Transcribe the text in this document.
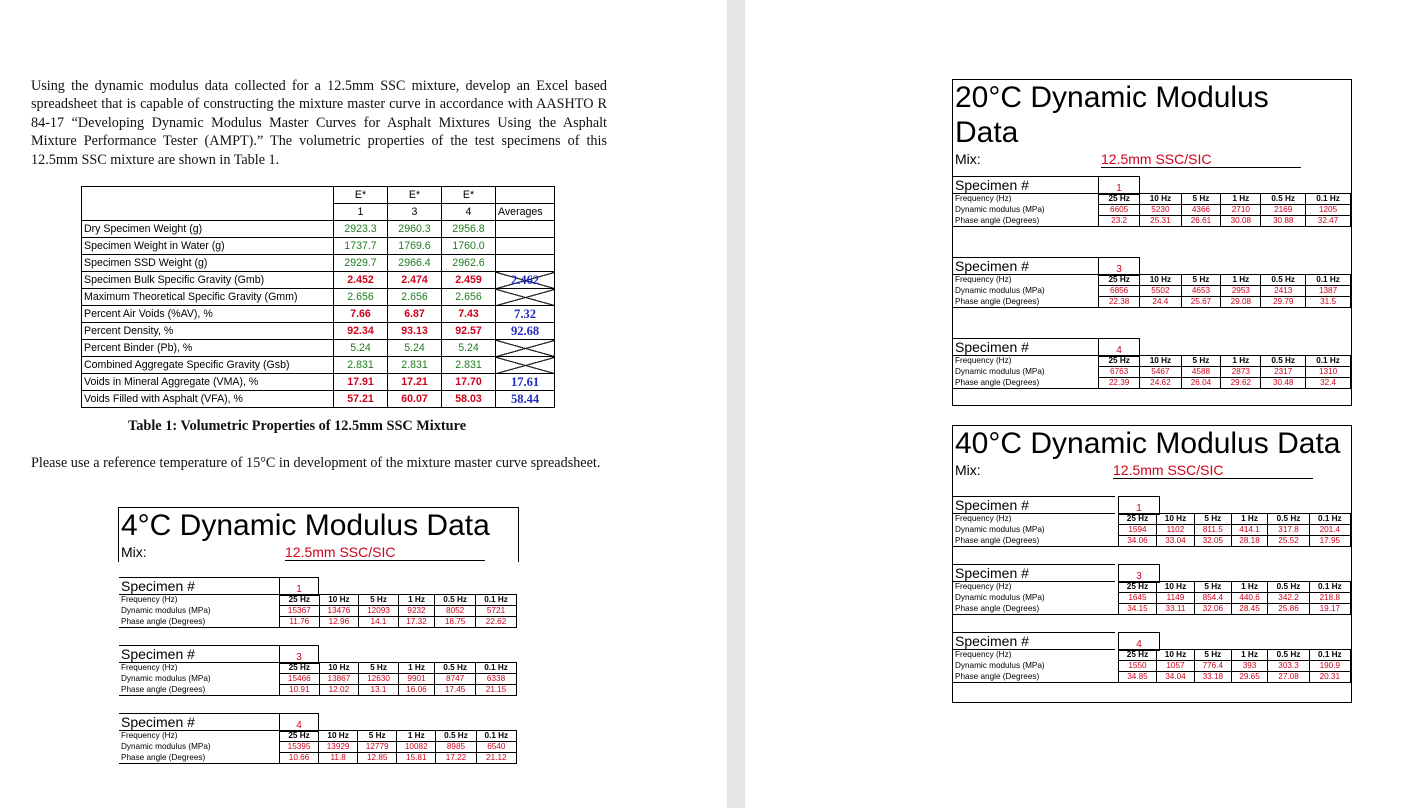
Using the dynamic modulus data collected for a 12.5mm SSC mixture, develop an Excel based spreadsheet that is capable of constructing the mixture master curve in accordance with AASHTO R 84-17 “Developing Dynamic Modulus Master Curves for Asphalt Mixtures Using the Asphalt Mixture Performance Tester (AMPT).” The volumetric properties of the test specimens of this 12.5mm SSC mixture are shown in Table 1.

	E*	E*	E*	
	1	3	4	Averages
Dry Specimen Weight (g)	2923.3	2960.3	2956.8	
Specimen Weight in Water (g)	1737.7	1769.6	1760.0	
Specimen SSD Weight (g)	2929.7	2966.4	2962.6	
Specimen Bulk Specific Gravity (Gmb)	2.452	2.474	2.459	2.462
Maximum Theoretical Specific Gravity (Gmm)	2.656	2.656	2.656	
Percent Air Voids (%AV), %	7.66	6.87	7.43	7.32
Percent Density, %	92.34	93.13	92.57	92.68
Percent Binder (Pb), %	5.24	5.24	5.24	
Combined Aggregate Specific Gravity (Gsb)	2.831	2.831	2.831	
Voids in Mineral Aggregate (VMA), %	17.91	17.21	17.70	17.61
Voids Filled with Asphalt (VFA), %	57.21	60.07	58.03	58.44
Table 1: Volumetric Properties of 12.5mm SSC Mixture

Please use a reference temperature of 15°C in development of the mixture master curve spreadsheet.

4°C Dynamic Modulus Data
Mix:	12.5mm SSC/SIC
Specimen #	1
Frequency (Hz)	25 Hz	10 Hz	5 Hz	1 Hz	0.5 Hz	0.1 Hz
Dynamic modulus (MPa)	15367	13476	12093	9232	8052	5721
Phase angle (Degrees)	11.76	12.96	14.1	17.32	18.75	22.62
Specimen #	3
Frequency (Hz)	25 Hz	10 Hz	5 Hz	1 Hz	0.5 Hz	0.1 Hz
Dynamic modulus (MPa)	15466	13867	12630	9901	8747	6338
Phase angle (Degrees)	10.91	12.02	13.1	16.06	17.45	21.15
Specimen #	4
Frequency (Hz)	25 Hz	10 Hz	5 Hz	1 Hz	0.5 Hz	0.1 Hz
Dynamic modulus (MPa)	15395	13929	12779	10082	8985	6540
Phase angle (Degrees)	10.66	11.8	12.85	15.81	17.22	21.12
20°C Dynamic Modulus Data
Mix:	12.5mm SSC/SIC
Specimen #	1
Frequency (Hz)	25 Hz	10 Hz	5 Hz	1 Hz	0.5 Hz	0.1 Hz
Dynamic modulus (MPa)	6605	5230	4366	2710	2169	1205
Phase angle (Degrees)	23.2	25.31	26.61	30.08	30.88	32.47
Specimen #	3
Frequency (Hz)	25 Hz	10 Hz	5 Hz	1 Hz	0.5 Hz	0.1 Hz
Dynamic modulus (MPa)	6856	5502	4653	2953	2413	1387
Phase angle (Degrees)	22.38	24.4	25.67	29.08	29.79	31.5
Specimen #	4
Frequency (Hz)	25 Hz	10 Hz	5 Hz	1 Hz	0.5 Hz	0.1 Hz
Dynamic modulus (MPa)	6763	5467	4588	2873	2317	1310
Phase angle (Degrees)	22.39	24.62	26.04	29.62	30.48	32.4
40°C Dynamic Modulus Data
Mix:	12.5mm SSC/SIC
Specimen #	1
Frequency (Hz)	25 Hz	10 Hz	5 Hz	1 Hz	0.5 Hz	0.1 Hz
Dynamic modulus (MPa)	1594	1102	811.5	414.1	317.8	201.4
Phase angle (Degrees)	34.06	33.04	32.05	28.18	25.52	17.95
Specimen #	3
Frequency (Hz)	25 Hz	10 Hz	5 Hz	1 Hz	0.5 Hz	0.1 Hz
Dynamic modulus (MPa)	1645	1149	854.4	440.6	342.2	218.8
Phase angle (Degrees)	34.15	33.11	32.06	28.45	25.86	19.17
Specimen #	4
Frequency (Hz)	25 Hz	10 Hz	5 Hz	1 Hz	0.5 Hz	0.1 Hz
Dynamic modulus (MPa)	1550	1057	776.4	393	303.3	190.9
Phase angle (Degrees)	34.85	34.04	33.18	29.65	27.08	20.31
